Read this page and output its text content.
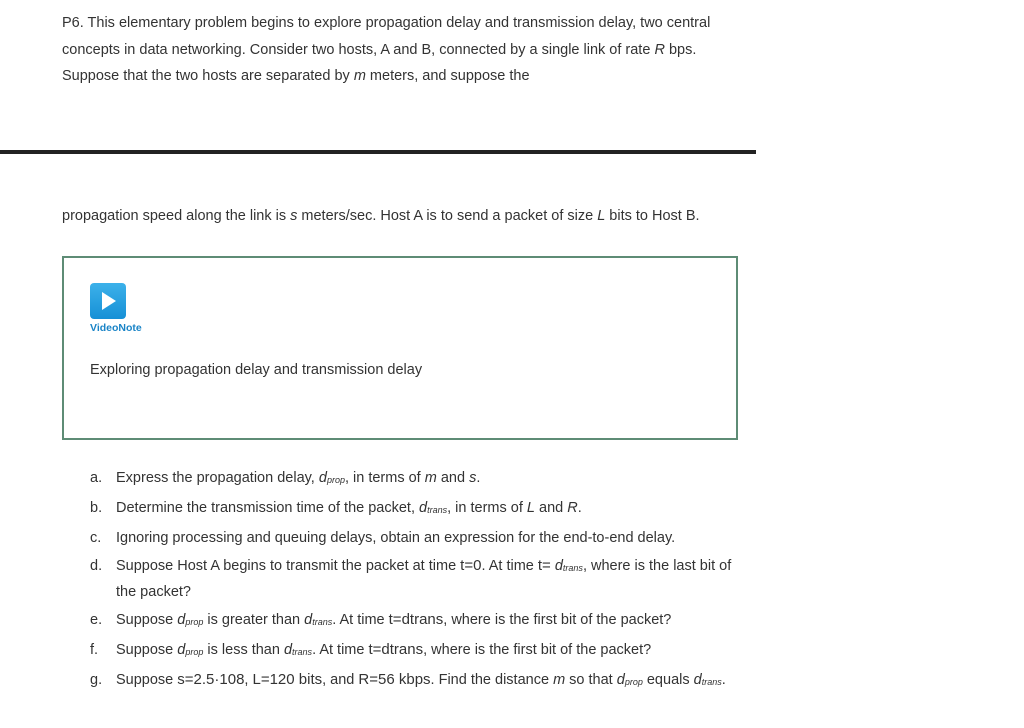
P6. This elementary problem begins to explore propagation delay and transmission delay, two central concepts in data networking. Consider two hosts, A and B, connected by a single link of rate R bps. Suppose that the two hosts are separated by m meters, and suppose the

propagation speed along the link is s meters/sec. Host A is to send a packet of size L bits to Host B.

VideoNote
Exploring propagation delay and transmission delay
a. Express the propagation delay, dprop, in terms of m and s.
b. Determine the transmission time of the packet, dtrans, in terms of L and R.
c. Ignoring processing and queuing delays, obtain an expression for the end-to-end delay.
d. Suppose Host A begins to transmit the packet at time t=0. At time t= dtrans, where is the last bit of the packet?
e. Suppose dprop is greater than dtrans. At time t=dtrans, where is the first bit of the packet?
f. Suppose dprop is less than dtrans. At time t=dtrans, where is the first bit of the packet?
g. Suppose s=2.5·108, L=120 bits, and R=56 kbps. Find the distance m so that dprop equals dtrans.
